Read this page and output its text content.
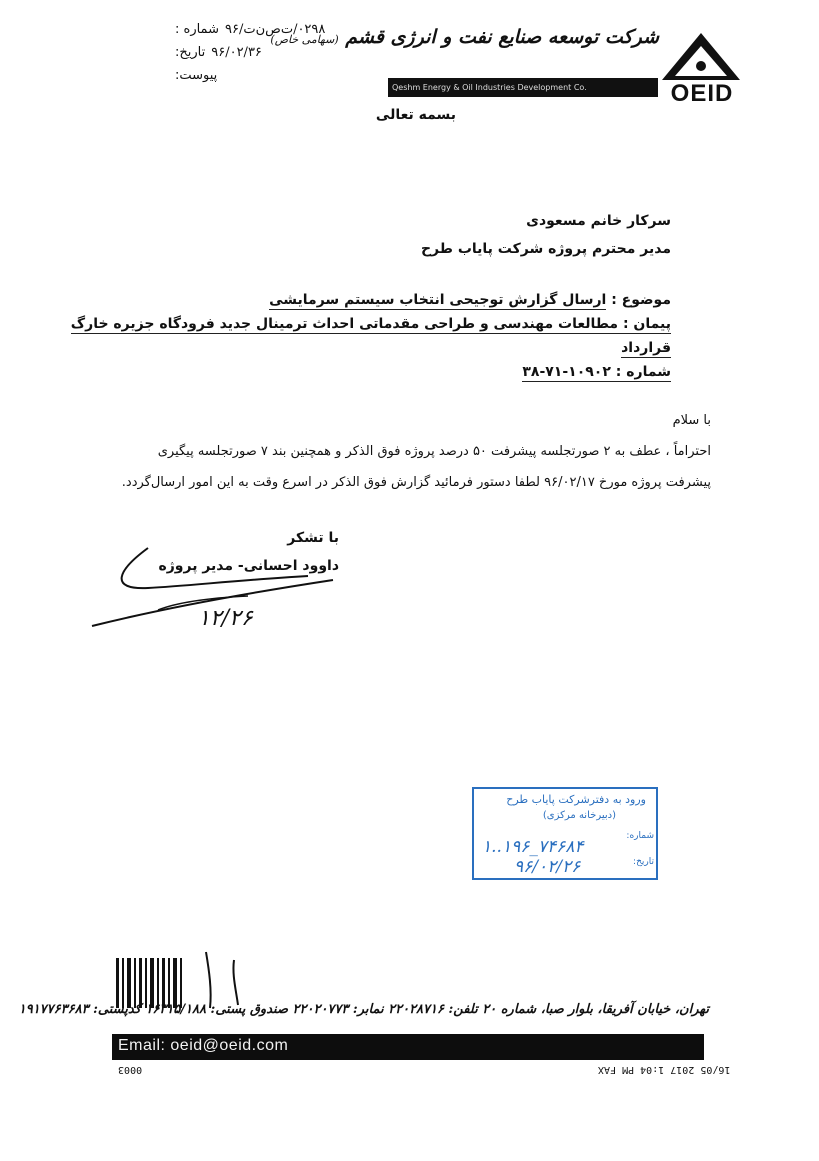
شماره : ۰۲۹۸/ت‌ص‌ن‌ت/۹۶
تاریخ: ۹۶/۰۲/۳۶
پیوست:
شرکت توسعه صنایع نفت و انرژی قشم (سهامی خاص)
Qeshm Energy & Oil Industries Development Co.	OEID
بسمه تعالی
سرکار خانم مسعودی
مدیر محترم پروژه شرکت پایاب طرح
موضوع : ارسال گزارش توجیحی انتخاب سیستم سرمایشی
پیمان : مطالعات مهندسی و طراحی مقدماتی احداث ترمینال جدید فرودگاه جزیره خارگ قرارداد
شماره : ۱۰۹۰۲-۷۱-۳۸

با سلام

احتراماً ، عطف به ۲ صورتجلسه پیشرفت ۵۰ درصد پروژه فوق الذکر و همچنین بند ۷ صورتجلسه پیگیری

پیشرفت پروژه مورخ ۹۶/۰۲/۱۷ لطفا دستور فرمائید گزارش فوق الذکر در اسرع وقت به این امور ارسال‌گردد.

با تشکر
داوود احسانی- مدیر پروژه
۱۲/۲۶
ورود به دفترشرکت پایاب طرح
(دبیرخانه مرکزی)
شماره:
۱..۱۹۶_۷۴۶۸۴
تاریخ:
۹۶/۰۲/۲۶
تهران، خیابان آفریقا، بلوار صبا، شماره ۲۰ تلفن: ۲۲۰۲۸۷۱۶ نمابر: ۲۲۰۲۰۷۷۳ صندوق پستی: ۱۶۳۱۵/۱۸۸ کدپستی: ۱۹۱۷۷۶۳۶۸۳
Email: oeid@oeid.com
0003	16/05 2017 1:04 PM FAX
